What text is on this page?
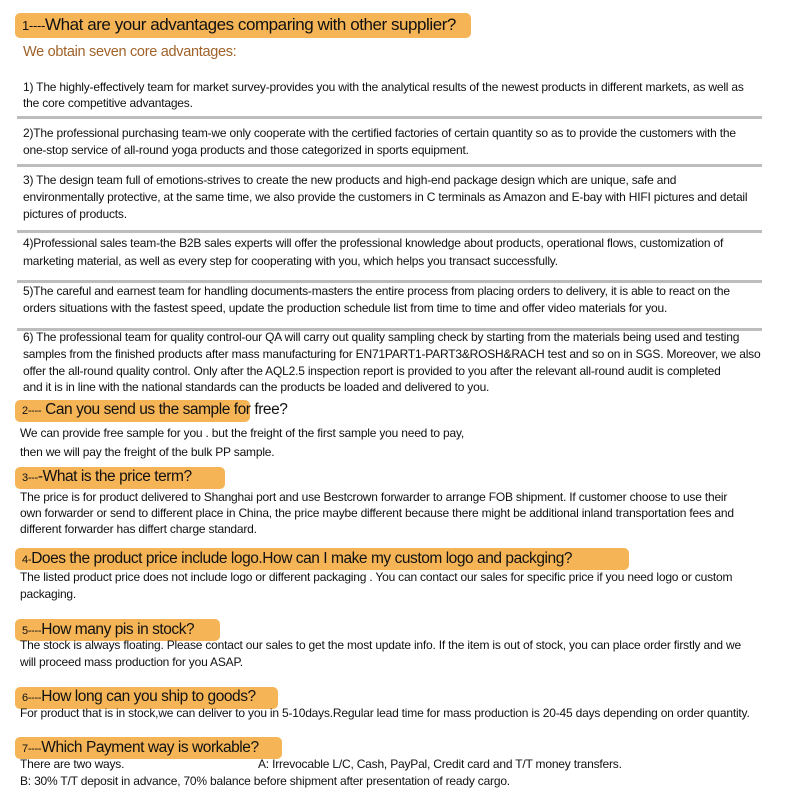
1----What are your advantages comparing with other supplier?
We obtain seven core advantages:
1) The highly-effectively team for market survey-provides you with the analytical results of the newest products in different markets, as well as
the core competitive advantages.
2)The professional purchasing team-we only cooperate with the certified factories of certain quantity so as to provide the customers with the
one-stop service of all-round yoga products and those categorized in sports equipment.
3) The design team full of emotions-strives to create the new products and high-end package design which are unique, safe and
environmentally protective, at the same time, we also provide the customers in C terminals as Amazon and E-bay with HIFI pictures and detail
pictures of products.
4)Professional sales team-the B2B sales experts will offer the professional knowledge about products, operational flows, customization of
marketing material, as well as every step for cooperating with you, which helps you transact successfully.
5)The careful and earnest team for handling documents-masters the entire process from placing orders to delivery, it is able to react on the
orders situations with the fastest speed, update the production schedule list from time to time and offer video materials for you.
6) The professional team for quality control-our QA will carry out quality sampling check by starting from the materials being used and testing
samples from the finished products after mass manufacturing for EN71PART1-PART3&ROSH&RACH test and so on in SGS. Moreover, we also
offer the all-round quality control. Only after the AQL2.5 inspection report is provided to you after the relevant all-round audit is completed
and it is in line with the national standards can the products be loaded and delivered to you.
2---- Can you send us the sample for free?
We can provide free sample for you . but the freight of the first sample you need to pay,
then we will pay the freight of the bulk PP sample.
3----What is the price term?
The price is for product delivered to Shanghai port and use Bestcrown forwarder to arrange FOB shipment. If customer choose to use their
own forwarder or send to different place in China, the price maybe different because there might be additional inland transportation fees and
different forwarder has differt charge standard.
4-Does the product price include logo.How can I make my custom logo and packging?
The listed product price does not include logo or different packaging . You can contact our sales for specific price if you need logo or custom
packaging.
5----How many pis in stock?
The stock is always floating. Please contact our sales to get the most update info. If the item is out of stock, you can place order firstly and we
will proceed mass production for you ASAP.
6----How long can you ship to goods?
For product that is in stock,we can deliver to you in 5-10days.Regular lead time for mass production is 20-45 days depending on order quantity.
7----Which Payment way is workable?
There are two ways.	A: Irrevocable L/C, Cash, PayPal, Credit card and T/T money transfers.
B: 30% T/T deposit in advance, 70% balance before shipment after presentation of ready cargo.
